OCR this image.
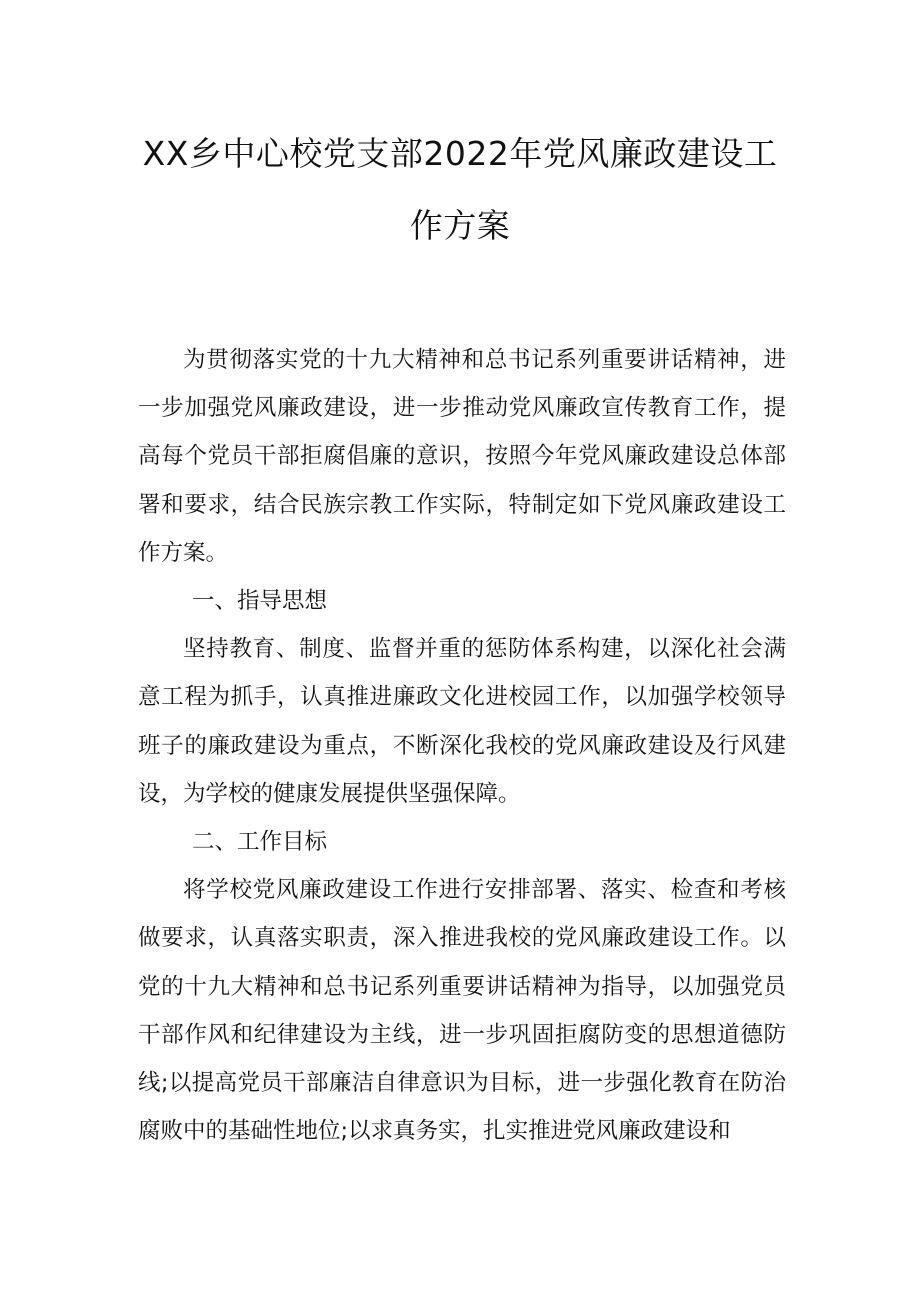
XX乡中心校党支部2022年党风廉政建设工
作方案

为贯彻落实党的十九大精神和总书记系列重要讲话精神，进一步加强党风廉政建设，进一步推动党风廉政宣传教育工作，提高每个党员干部拒腐倡廉的意识，按照今年党风廉政建设总体部署和要求，结合民族宗教工作实际，特制定如下党风廉政建设工作方案。

一、指导思想

坚持教育、制度、监督并重的惩防体系构建，以深化社会满意工程为抓手，认真推进廉政文化进校园工作，以加强学校领导班子的廉政建设为重点，不断深化我校的党风廉政建设及行风建设，为学校的健康发展提供坚强保障。

二、工作目标

将学校党风廉政建设工作进行安排部署、落实、检查和考核做要求，认真落实职责，深入推进我校的党风廉政建设工作。以党的十九大精神和总书记系列重要讲话精神为指导，以加强党员干部作风和纪律建设为主线，进一步巩固拒腐防变的思想道德防线;以提高党员干部廉洁自律意识为目标，进一步强化教育在防治腐败中的基础性地位;以求真务实，扎实推进党风廉政建设和
